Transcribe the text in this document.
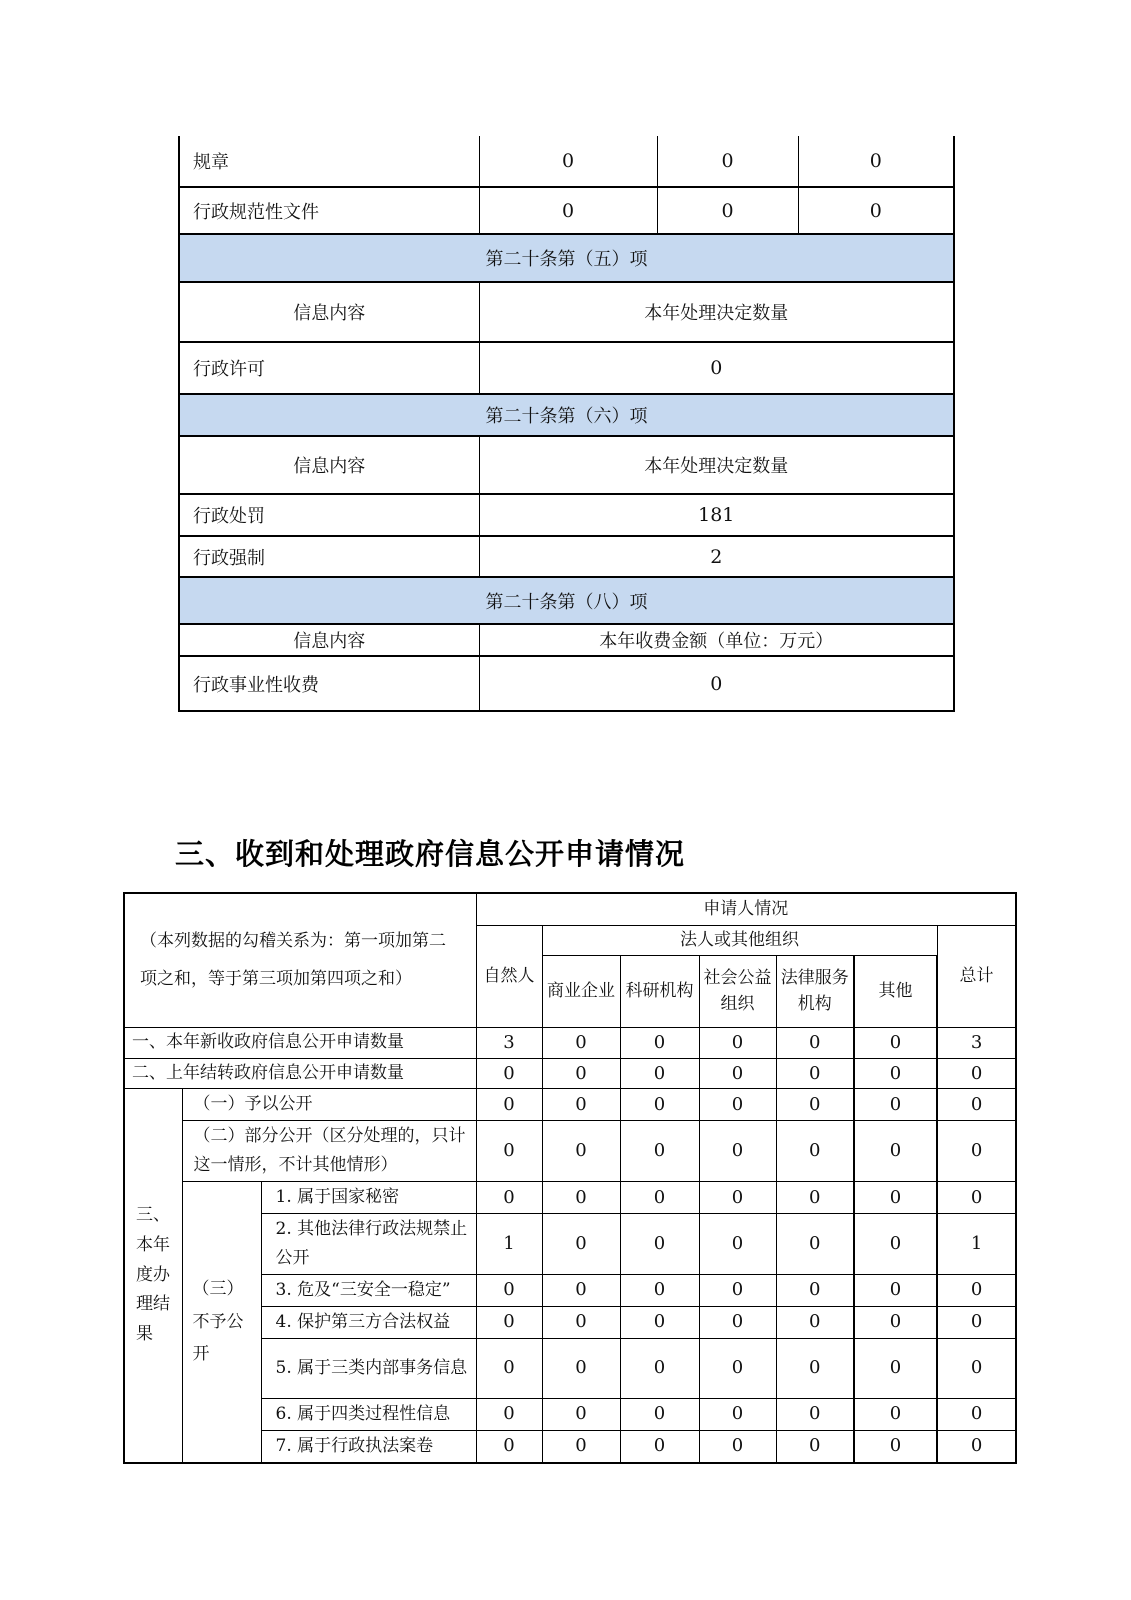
规章	0	0	0
行政规范性文件	0	0	0
第二十条第（五）项			
信息内容	本年处理决定数量		
行政许可	0		
第二十条第（六）项			
信息内容	本年处理决定数量		
行政处罚	181		
行政强制	2		
第二十条第（八）项			
信息内容	本年收费金额（单位：万元）		
行政事业性收费	0		
三、收到和处理政府信息公开申请情况
（本列数据的勾稽关系为：第一项加第二项之和，等于第三项加第四项之和）			申请人情况						
			自然人	法人或其他组织					总计
				商业企业	科研机构	社会公益组织	法律服务机构	其他	
一、本年新收政府信息公开申请数量			3	0	0	0	0	0	3
二、上年结转政府信息公开申请数量			0	0	0	0	0	0	0
三、本年度办理结果	（一）予以公开		0	0	0	0	0	0	0
	（二）部分公开（区分处理的，只计这一情形，不计其他情形）		0	0	0	0	0	0	0
	（三）不予公开	1. 属于国家秘密	0	0	0	0	0	0	0
		2. 其他法律行政法规禁止公开	1	0	0	0	0	0	1
		3. 危及“三安全一稳定”	0	0	0	0	0	0	0
		4. 保护第三方合法权益	0	0	0	0	0	0	0
		5. 属于三类内部事务信息	0	0	0	0	0	0	0
		6. 属于四类过程性信息	0	0	0	0	0	0	0
		7. 属于行政执法案卷	0	0	0	0	0	0	0
